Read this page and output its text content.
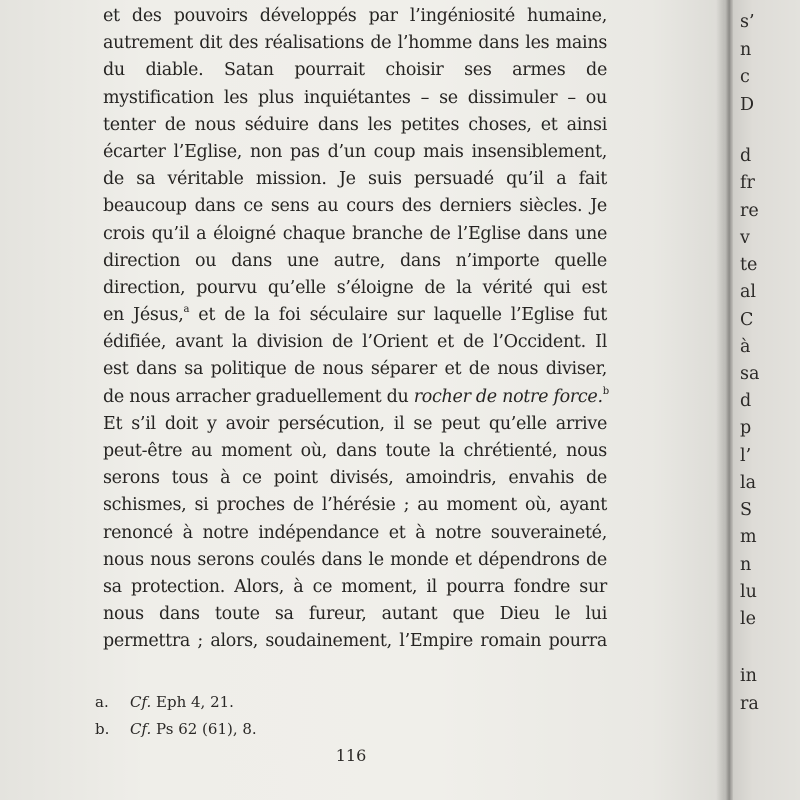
et des pouvoirs développés par l’ingéniosité humaine,
autrement dit des réalisations de l’homme dans les mains
du diable. Satan pourrait choisir ses armes de
mystification les plus inquiétantes – se dissimuler – ou
tenter de nous séduire dans les petites choses, et ainsi
écarter l’Eglise, non pas d’un coup mais insensiblement,
de sa véritable mission. Je suis persuadé qu’il a fait
beaucoup dans ce sens au cours des derniers siècles. Je
crois qu’il a éloigné chaque branche de l’Eglise dans une
direction ou dans une autre, dans n’importe quelle
direction, pourvu qu’elle s’éloigne de la vérité qui est
en Jésus,$^a$ et de la foi séculaire sur laquelle l’Eglise fut
édifiée, avant la division de l’Orient et de l’Occident. Il
est dans sa politique de nous séparer et de nous diviser,
de nous arracher graduellement du rocher de notre force.$^b$
Et s’il doit y avoir persécution, il se peut qu’elle arrive
peut-être au moment où, dans toute la chrétienté, nous
serons tous à ce point divisés, amoindris, envahis de
schismes, si proches de l’hérésie ; au moment où, ayant
renoncé à notre indépendance et à notre souveraineté,
nous nous serons coulés dans le monde et dépendrons de
sa protection. Alors, à ce moment, il pourra fondre sur
nous dans toute sa fureur, autant que Dieu le lui
permettra ; alors, soudainement, l’Empire romain pourra
a.	Cf. Eph 4, 21.
b.	Cf. Ps 62 (61), 8.
116
s’
n
c
D
d
fr
re
v
te
al
C
à
sa
d
p
l’
la
S
m
n
lu
le
in
ra
